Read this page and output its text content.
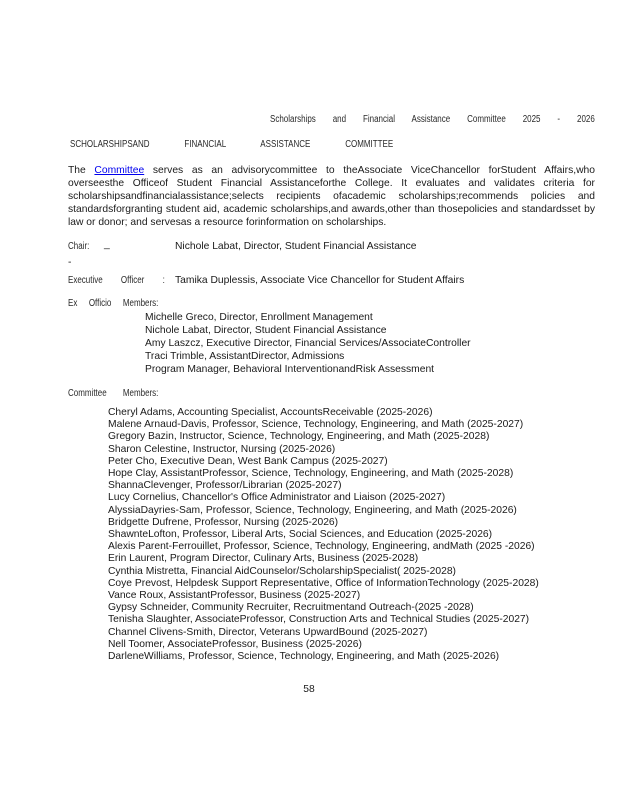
Scholarships and Financial Assistance Committee 2025 - 2026
SCHOLARSHIPSAND FINANCIAL ASSISTANCE COMMITTEE
The Committee serves as an advisorycommittee to theAssociate ViceChancellor forStudent Affairs,who overseesthe Officeof Student Financial Assistanceforthe College. It evaluates and validates criteria for scholarshipsandfinancialassistance;selects recipients ofacademic scholarships;recommends policies and standardsforgranting student aid, academic scholarships,and awards,other than thosepolicies and standardsset by law or donor; and servesas a resource forinformation on scholarships.
Chair: _	Nichole Labat, Director, Student Financial Assistance
-
Executive Officer : Tamika Duplessis, Associate Vice Chancellor for Student Affairs
Ex Officio Members:
Michelle Greco, Director, Enrollment Management
Nichole Labat, Director, Student Financial Assistance
Amy Laszcz, Executive Director, Financial Services/AssociateController
Traci Trimble, AssistantDirector, Admissions
Program Manager, Behavioral InterventionandRisk Assessment
Committee Members:
Cheryl Adams, Accounting Specialist, AccountsReceivable (2025-2026)
Malene Arnaud-Davis, Professor, Science, Technology, Engineering, and Math (2025-2027)
Gregory Bazin, Instructor, Science, Technology, Engineering, and Math (2025-2028)
Sharon Celestine, Instructor, Nursing (2025-2026)
Peter Cho, Executive Dean, West Bank Campus (2025-2027)
Hope Clay, AssistantProfessor, Science, Technology, Engineering, and Math (2025-2028)
ShannaClevenger, Professor/Librarian (2025-2027)
Lucy Cornelius, Chancellor's Office Administrator and Liaison (2025-2027)
AlyssiaDayries-Sam, Professor, Science, Technology, Engineering, and Math (2025-2026)
Bridgette Dufrene, Professor, Nursing (2025-2026)
ShawnteLofton, Professor, Liberal Arts, Social Sciences, and Education (2025-2026)
Alexis Parent-Ferrouillet, Professor, Science, Technology, Engineering, andMath (2025 -2026)
Erin Laurent, Program Director, Culinary Arts, Business (2025-2028)
Cynthia Mistretta, Financial AidCounselor/ScholarshipSpecialist( 2025-2028)
Coye Prevost, Helpdesk Support Representative, Office of InformationTechnology (2025-2028)
Vance Roux, AssistantProfessor, Business (2025-2027)
Gypsy Schneider, Community Recruiter, Recruitmentand Outreach-(2025 -2028)
Tenisha Slaughter, AssociateProfessor, Construction Arts and Technical Studies (2025-2027)
Channel Clivens-Smith, Director, Veterans UpwardBound (2025-2027)
Nell Toomer, AssociateProfessor, Business (2025-2026)
DarleneWilliams, Professor, Science, Technology, Engineering, and Math (2025-2026)
58
